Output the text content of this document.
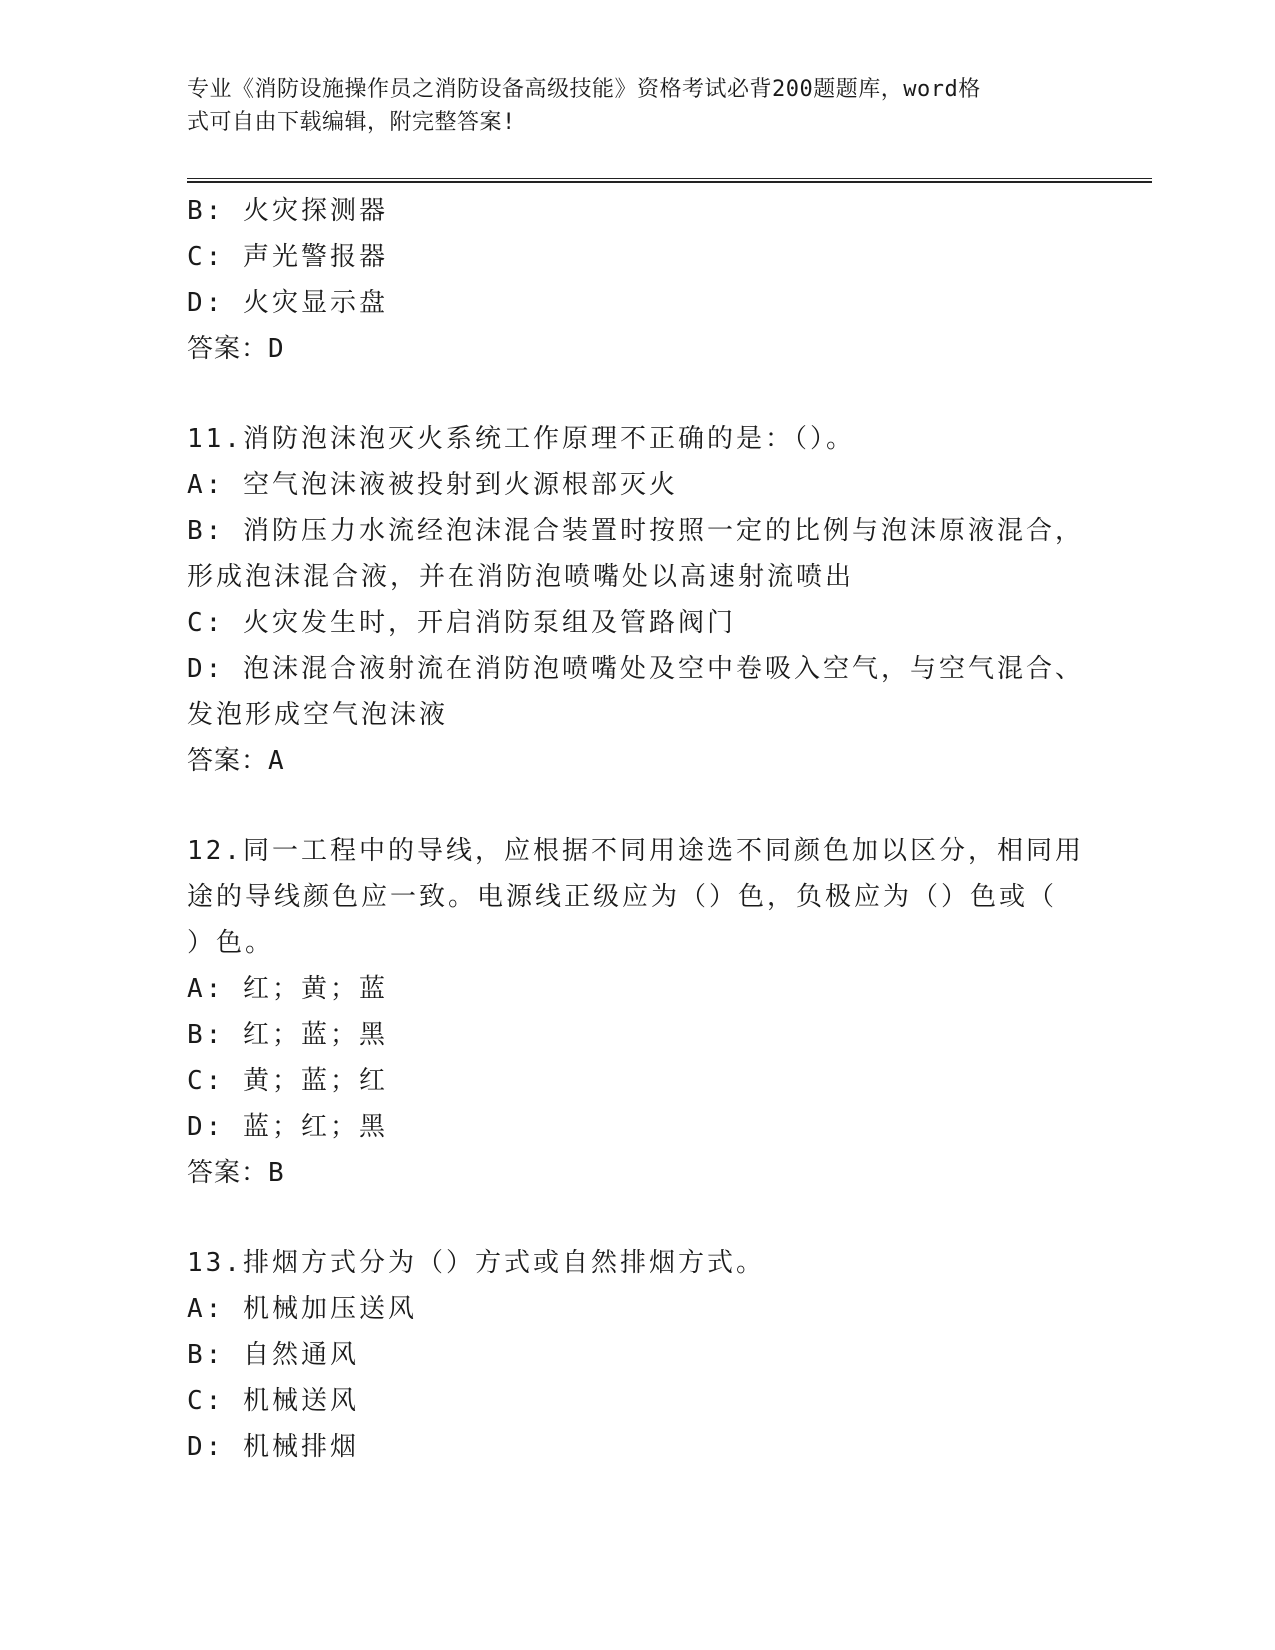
专业《消防设施操作员之消防设备高级技能》资格考试必背200题题库，word格
式可自由下载编辑，附完整答案!
B: 火灾探测器
C: 声光警报器
D: 火灾显示盘
答案：D
11.消防泡沫泡灭火系统工作原理不正确的是：（）。
A: 空气泡沫液被投射到火源根部灭火
B: 消防压力水流经泡沫混合装置时按照一定的比例与泡沫原液混合，
形成泡沫混合液，并在消防泡喷嘴处以高速射流喷出
C: 火灾发生时，开启消防泵组及管路阀门
D: 泡沫混合液射流在消防泡喷嘴处及空中卷吸入空气，与空气混合、
发泡形成空气泡沫液
答案：A
12.同一工程中的导线，应根据不同用途选不同颜色加以区分，相同用
途的导线颜色应一致。电源线正级应为（）色，负极应为（）色或（
）色。
A: 红；黄；蓝
B: 红；蓝；黑
C: 黄；蓝；红
D: 蓝；红；黑
答案：B
13.排烟方式分为（）方式或自然排烟方式。
A: 机械加压送风
B: 自然通风
C: 机械送风
D: 机械排烟
